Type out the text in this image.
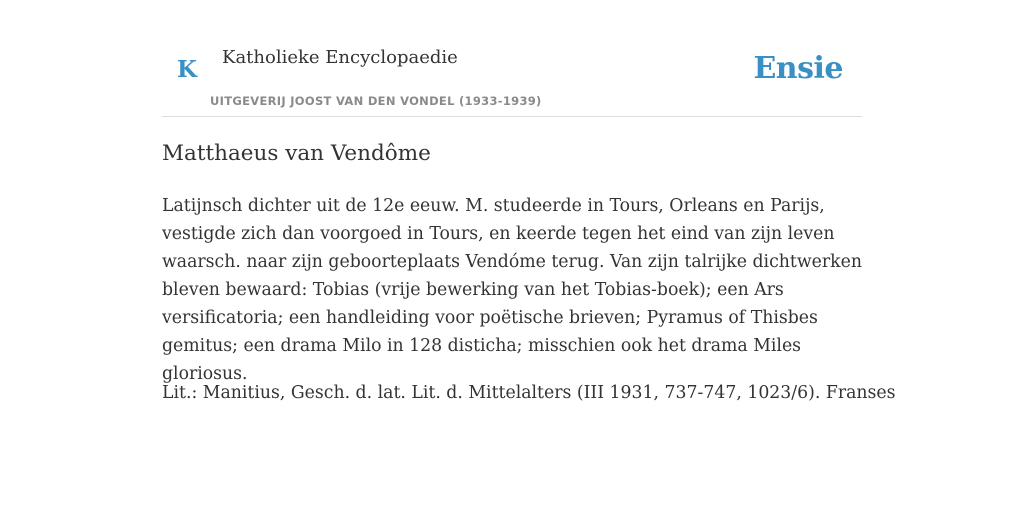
K Katholieke Encyclopaedie
UITGEVERIJ JOOST VAN DEN VONDEL (1933-1939)
Ensie
Matthaeus van Vendôme

Latijnsch dichter uit de 12e eeuw. M. studeerde in Tours, Orleans en Parijs, vestigde zich dan voorgoed in Tours, en keerde tegen het eind van zijn leven waarsch. naar zijn geboorteplaats Vendóme terug. Van zijn talrijke dichtwerken bleven bewaard: Tobias (vrije bewerking van het Tobias-boek); een Ars versificatoria; een handleiding voor poëtische brieven; Pyramus of Thisbes gemitus; een drama Milo in 128 disticha; misschien ook het drama Miles gloriosus.

Lit.: Manitius, Gesch. d. lat. Lit. d. Mittelalters (III 1931, 737-747, 1023/6). Franses
